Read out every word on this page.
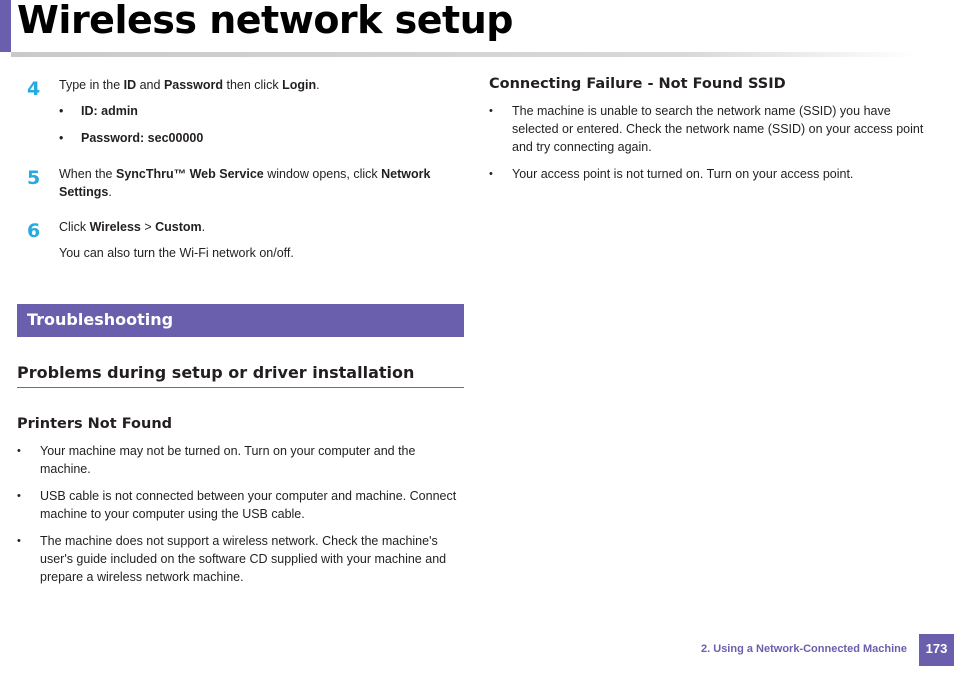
Wireless network setup
4 Type in the ID and Password then click Login.

• ID: admin
• Password: sec00000
5 When the SyncThru™ Web Service window opens, click Network Settings.

6 Click Wireless > Custom.

You can also turn the Wi-Fi network on/off.

Troubleshooting
Problems during setup or driver installation

Printers Not Found

• Your machine may not be turned on. Turn on your computer and the machine.
• USB cable is not connected between your computer and machine. Connect machine to your computer using the USB cable.
• The machine does not support a wireless network. Check the machine's user's guide included on the software CD supplied with your machine and prepare a wireless network machine.

Connecting Failure - Not Found SSID

• The machine is unable to search the network name (SSID) you have selected or entered. Check the network name (SSID) on your access point and try connecting again.
• Your access point is not turned on. Turn on your access point.
2. Using a Network-Connected Machine	173
